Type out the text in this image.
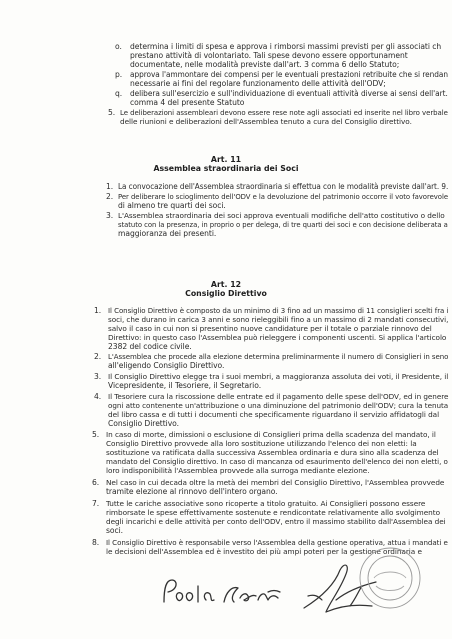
o. determina i limiti di spesa e approva i rimborsi massimi previsti per gli associati ch
prestano attività di volontariato. Tali spese devono essere opportunament
documentate, nelle modalità previste dall'art. 3 comma 6 dello Statuto;
p. approva l'ammontare dei compensi per le eventuali prestazioni retribuite che si rendan
necessarie ai fini del regolare funzionamento delle attività dell'ODV;
q. delibera sull'esercizio e sull'individuazione di eventuali attività diverse ai sensi dell'art.
comma 4 del presente Statuto
5. Le deliberazioni assembleari devono essere rese note agli associati ed inserite nel libro verbale
delle riunioni e deliberazioni dell'Assemblea tenuto a cura del Consiglio direttivo.
Art. 11
Assemblea straordinaria dei Soci
1. La convocazione dell'Assemblea straordinaria si effettua con le modalità previste dall'art. 9.
2. Per deliberare lo scioglimento dell'ODV e la devoluzione del patrimonio occorre il voto favorevole
di almeno tre quarti dei soci.
3. L'Assemblea straordinaria dei soci approva eventuali modifiche dell'atto costitutivo o dello
statuto con la presenza, in proprio o per delega, di tre quarti dei soci e con decisione deliberata a
maggioranza dei presenti.
Art. 12
Consiglio Direttivo
1. Il Consiglio Direttivo è composto da un minimo di 3 fino ad un massimo di 11 consiglieri scelti fra i
soci, che durano in carica 3 anni e sono rieleggibili fino a un massimo di 2 mandati consecutivi,
salvo il caso in cui non si presentino nuove candidature per il totale o parziale rinnovo del
Direttivo: in questo caso l'Assemblea può rieleggere i componenti uscenti. Si applica l'articolo
2382 del codice civile.
2. L'Assemblea che procede alla elezione determina preliminarmente il numero di Consiglieri in seno
all'eligendo Consiglio Direttivo.
3. Il Consiglio Direttivo elegge tra i suoi membri, a maggioranza assoluta dei voti, il Presidente, il
Vicepresidente, il Tesoriere, il Segretario.
4. Il Tesoriere cura la riscossione delle entrate ed il pagamento delle spese dell'ODV, ed in genere
ogni atto contenente un'attribuzione o una diminuzione del patrimonio dell'ODV; cura la tenuta
del libro cassa e di tutti i documenti che specificamente riguardano il servizio affidatogli dal
Consiglio Direttivo.
5. In caso di morte, dimissioni o esclusione di Consiglieri prima della scadenza del mandato, il
Consiglio Direttivo provvede alla loro sostituzione utilizzando l'elenco dei non eletti: la
sostituzione va ratificata dalla successiva Assemblea ordinaria e dura sino alla scadenza del
mandato del Consiglio direttivo. In caso di mancanza od esaurimento dell'elenco dei non eletti, o
loro indisponibilità l'Assemblea provvede alla surroga mediante elezione.
6. Nel caso in cui decada oltre la metà dei membri del Consiglio Direttivo, l'Assemblea provvede
tramite elezione al rinnovo dell'intero organo.
7. Tutte le cariche associative sono ricoperte a titolo gratuito. Ai Consiglieri possono essere
rimborsate le spese effettivamente sostenute e rendicontate relativamente allo svolgimento
degli incarichi e delle attività per conto dell'ODV, entro il massimo stabilito dall'Assemblea dei
soci.
8. Il Consiglio Direttivo è responsabile verso l'Assemblea della gestione operativa, attua i mandati e
le decisioni dell'Assemblea ed è investito dei più ampi poteri per la gestione ordinaria e
